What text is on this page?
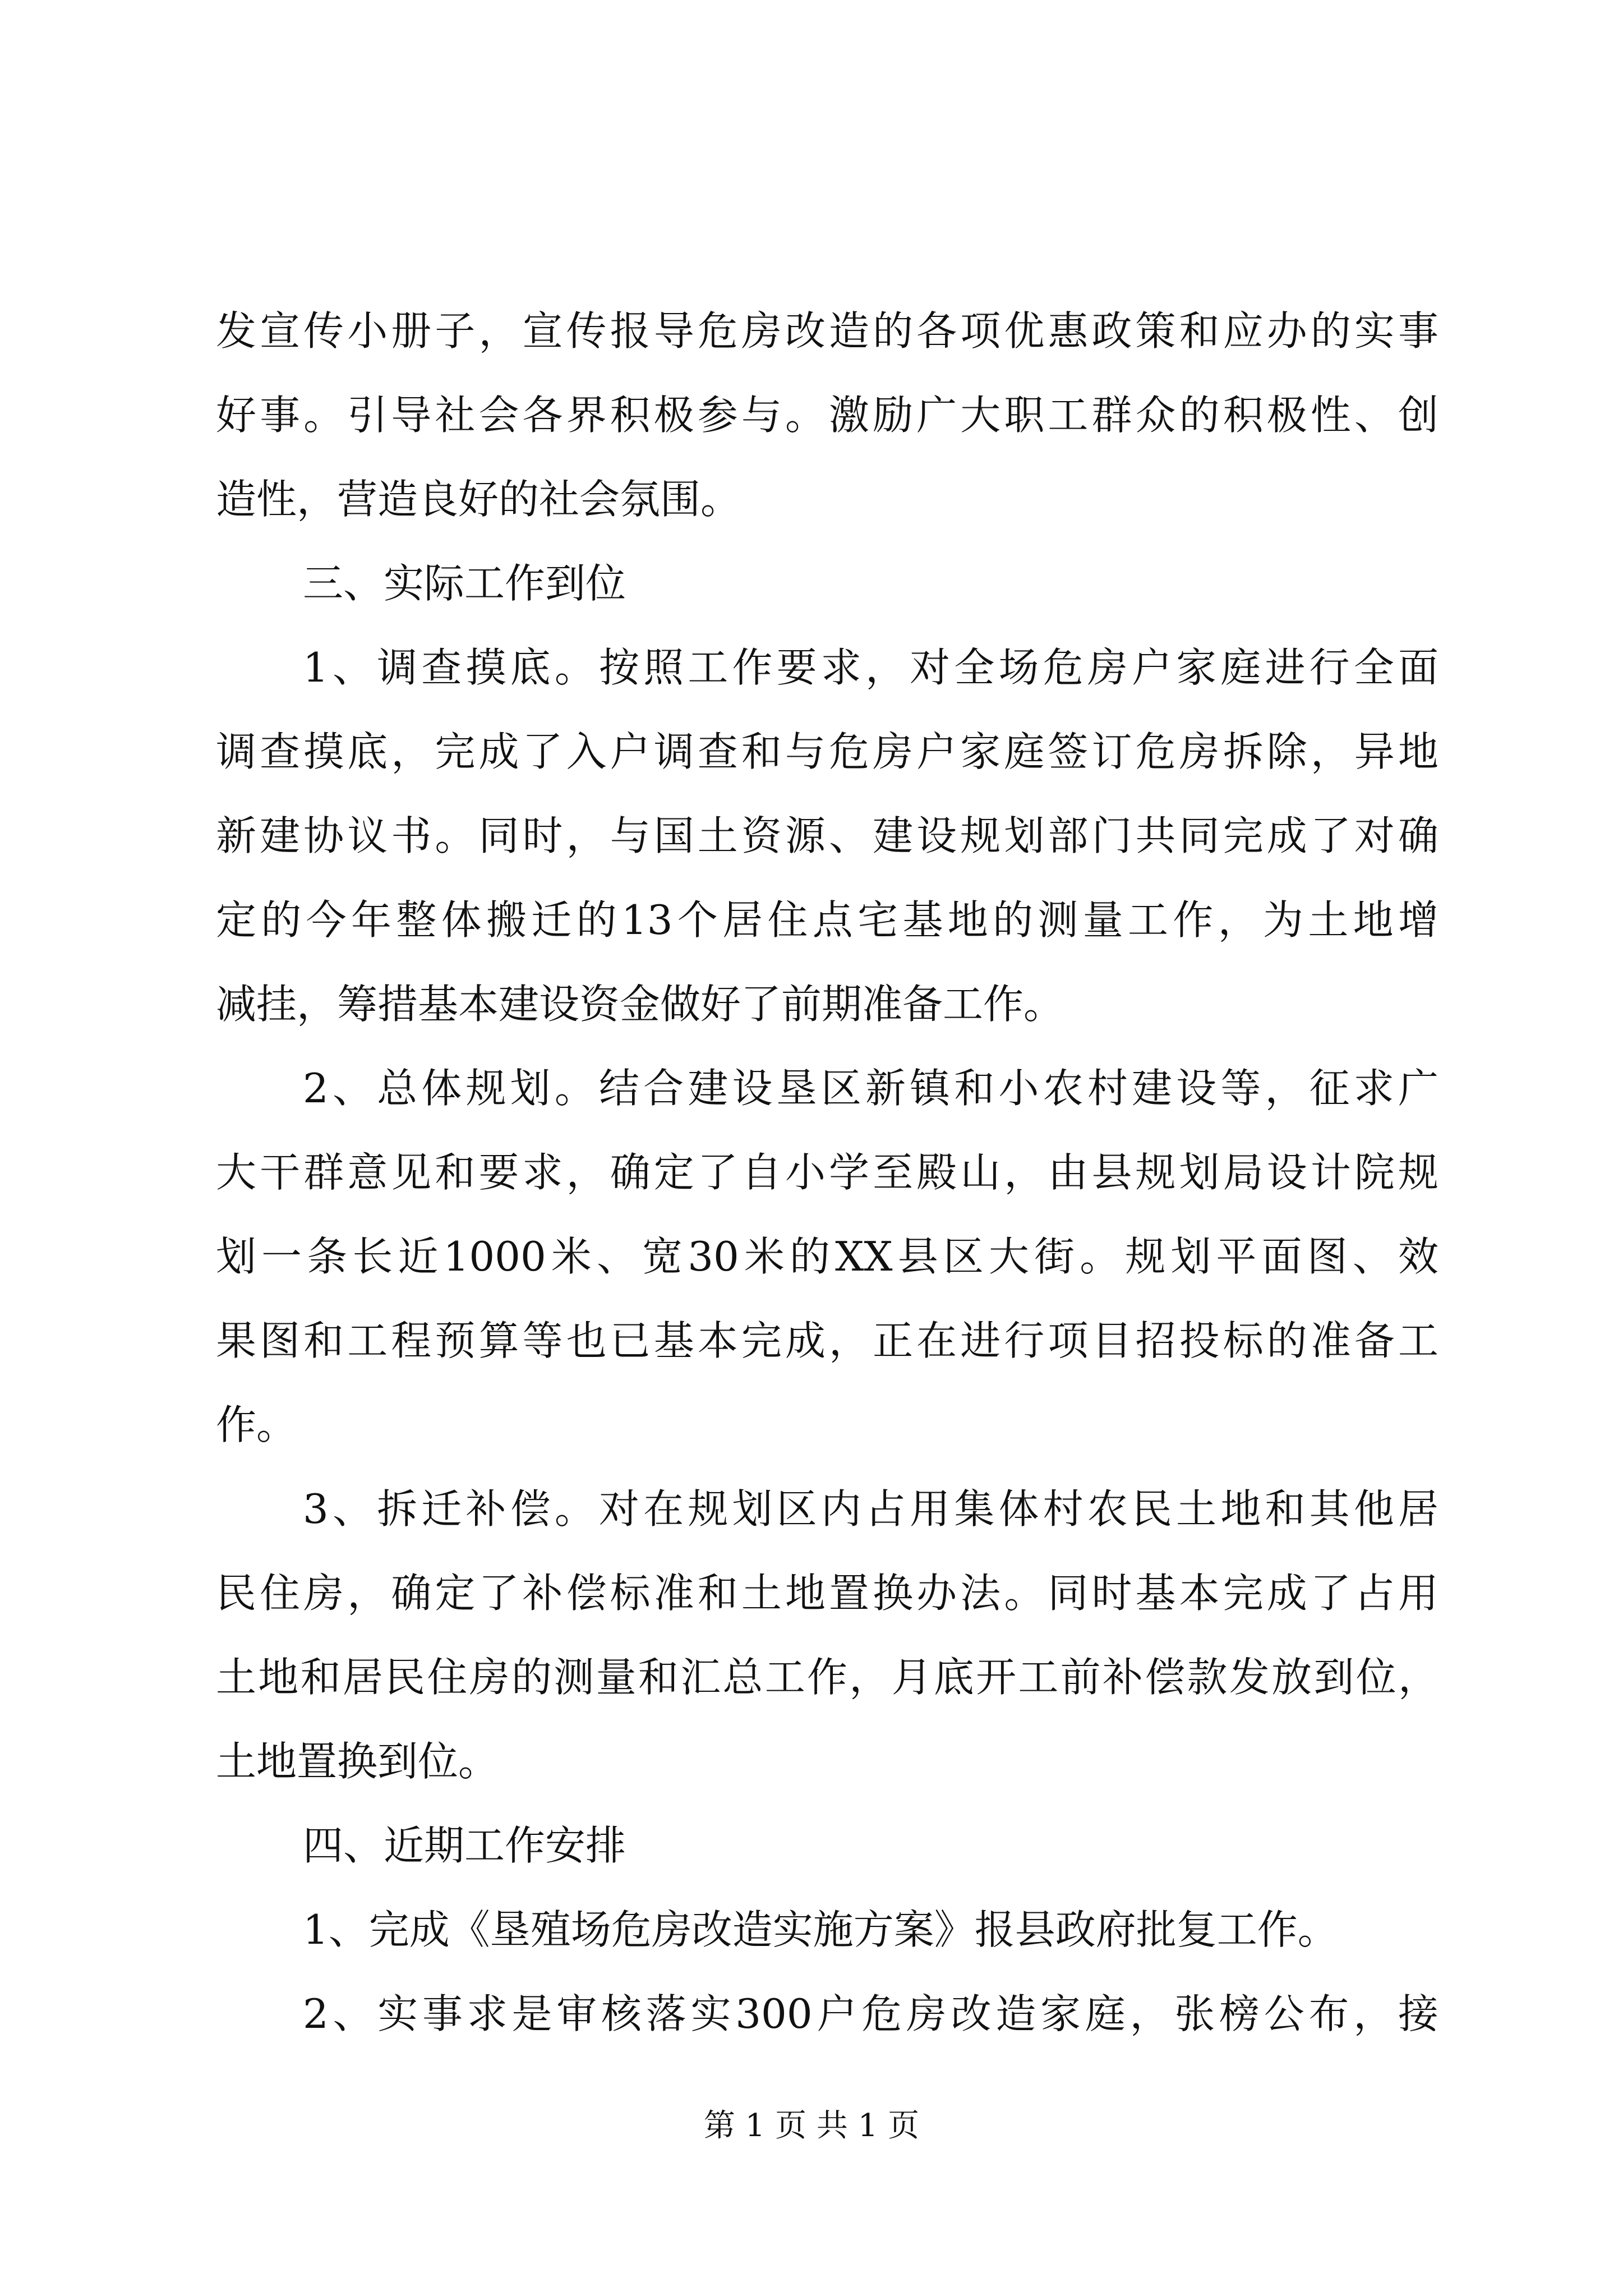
发宣传小册子，宣传报导危房改造的各项优惠政策和应办的实事
好事。引导社会各界积极参与。激励广大职工群众的积极性、创
造性，营造良好的社会氛围。
三、实际工作到位
1、调查摸底。按照工作要求，对全场危房户家庭进行全面
调查摸底，完成了入户调查和与危房户家庭签订危房拆除，异地
新建协议书。同时，与国土资源、建设规划部门共同完成了对确
定的今年整体搬迁的13个居住点宅基地的测量工作，为土地增
减挂，筹措基本建设资金做好了前期准备工作。
2、总体规划。结合建设垦区新镇和小农村建设等，征求广
大干群意见和要求，确定了自小学至殿山，由县规划局设计院规
划一条长近1000米、宽30米的XX县区大街。规划平面图、效
果图和工程预算等也已基本完成，正在进行项目招投标的准备工
作。
3、拆迁补偿。对在规划区内占用集体村农民土地和其他居
民住房，确定了补偿标准和土地置换办法。同时基本完成了占用
土地和居民住房的测量和汇总工作，月底开工前补偿款发放到位，
土地置换到位。
四、近期工作安排
1、完成《垦殖场危房改造实施方案》报县政府批复工作。
2、实事求是审核落实300户危房改造家庭，张榜公布，接
第 1 页 共 1 页
